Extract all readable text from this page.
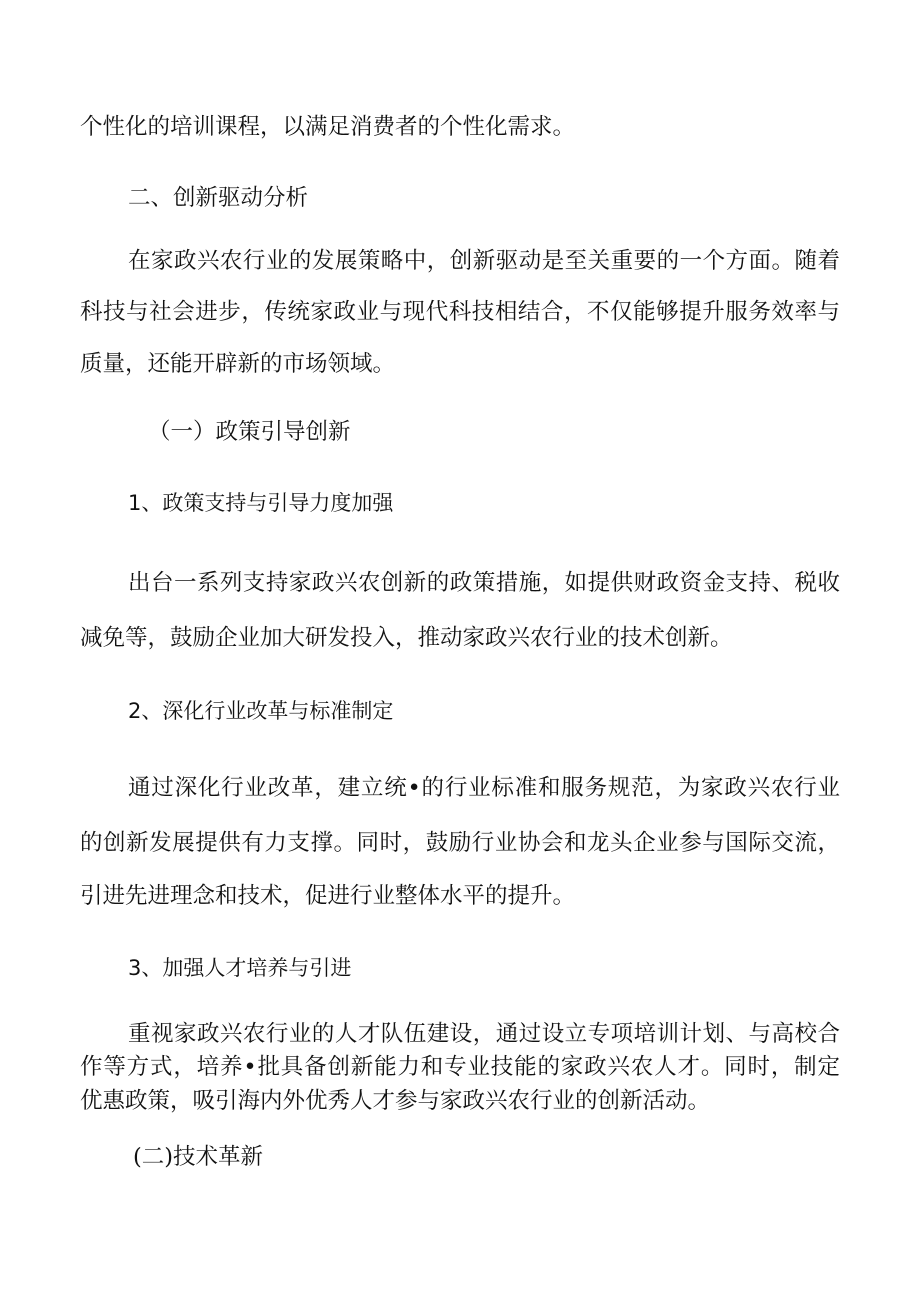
个性化的培训课程，以满足消费者的个性化需求。

二、创新驱动分析

在家政兴农行业的发展策略中，创新驱动是至关重要的一个方面。随着

科技与社会进步，传统家政业与现代科技相结合，不仅能够提升服务效率与

质量，还能开辟新的市场领域。

（一）政策引导创新

1、政策支持与引导力度加强

出台一系列支持家政兴农创新的政策措施，如提供财政资金支持、税收

减免等，鼓励企业加大研发投入，推动家政兴农行业的技术创新。

2、深化行业改革与标准制定

通过深化行业改革，建立统•的行业标准和服务规范，为家政兴农行业

的创新发展提供有力支撑。同时，鼓励行业协会和龙头企业参与国际交流，

引进先进理念和技术，促进行业整体水平的提升。

3、加强人才培养与引进

重视家政兴农行业的人才队伍建设，通过设立专项培训计划、与高校合

作等方式，培养•批具备创新能力和专业技能的家政兴农人才。同时，制定

优惠政策，吸引海内外优秀人才参与家政兴农行业的创新活动。

(二)技术革新
